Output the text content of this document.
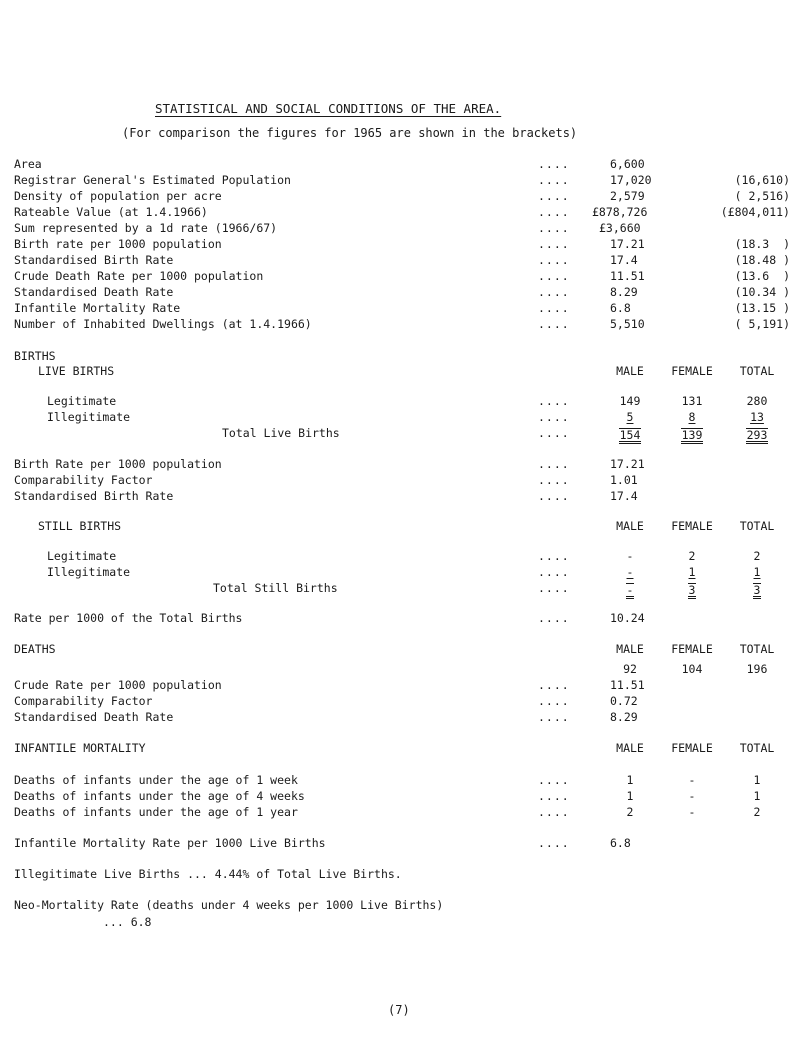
STATISTICAL AND SOCIAL CONDITIONS OF THE AREA.
(For comparison the figures for 1965 are shown in the brackets)
Area	....	6,600
Registrar General's Estimated Population	....	17,020	(16,610)
Density of population per acre	....	2,579	( 2,516)
Rateable Value (at 1.4.1966)	.... £878,726	(£804,011)
Sum represented by a 1d rate (1966/67)	....	£3,660
Birth rate per 1000 population	....	17.21	(18.3  )
Standardised Birth Rate	....	17.4	(18.48 )
Crude Death Rate per 1000 population	....	11.51	(13.6  )
Standardised Death Rate	....	8.29	(10.34 )
Infantile Mortality Rate	....	6.8	(13.15 )
Number of Inhabited Dwellings (at 1.4.1966)	....	5,510	( 5,191)
BIRTHS
LIVE BIRTHS	MALE	FEMALE	TOTAL
Legitimate	....	149	131	280
Illegitimate	....	5	8	13
Total Live Births	....	154	139	293
Birth Rate per 1000 population	....	17.21
Comparability Factor	....	1.01
Standardised Birth Rate	....	17.4
STILL BIRTHS	MALE	FEMALE	TOTAL
Legitimate	....	-	2	2
Illegitimate	....	-	1	1
Total Still Births	....	-	3	3
Rate per 1000 of the Total Births	....	10.24
DEATHS	MALE	FEMALE	TOTAL
92	104	196
Crude Rate per 1000 population	....	11.51
Comparability Factor	....	0.72
Standardised Death Rate	....	8.29
INFANTILE MORTALITY	MALE	FEMALE	TOTAL
Deaths of infants under the age of 1 week	....	1	-	1
Deaths of infants under the age of 4 weeks	....	1	-	1
Deaths of infants under the age of 1 year	....	2	-	2
Infantile Mortality Rate per 1000 Live Births	....	6.8
Illegitimate Live Births ... 4.44% of Total Live Births.
Neo-Mortality Rate (deaths under 4 weeks per 1000 Live Births)
... 6.8
(7)
